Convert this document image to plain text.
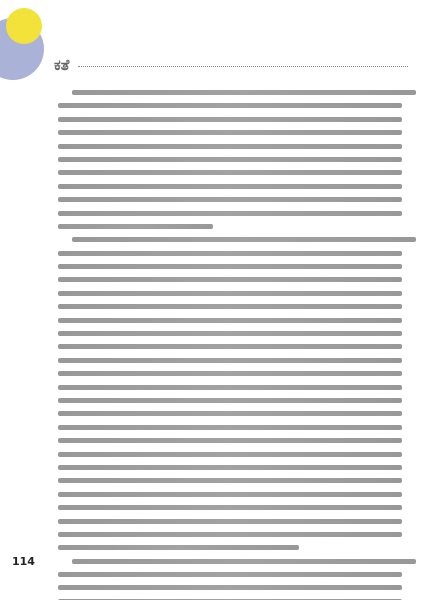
ಕತೆ
114
